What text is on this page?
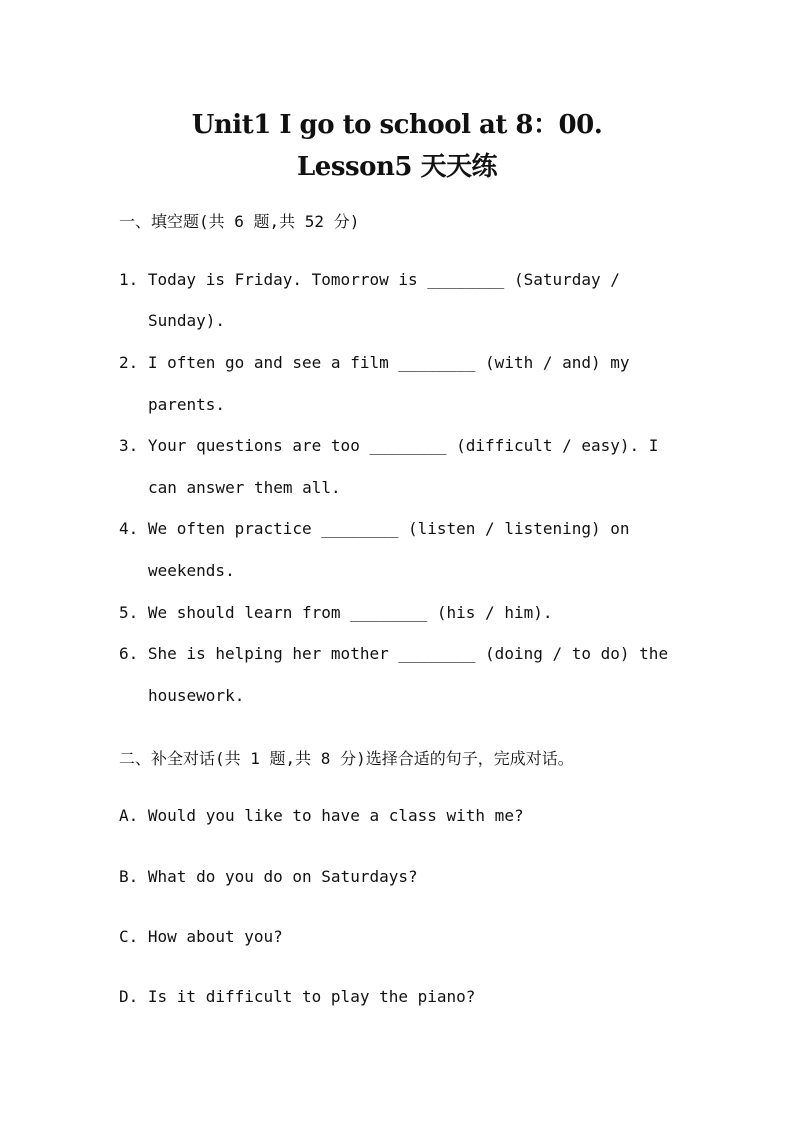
Unit1 I go to school at 8：00.
Lesson5 天天练
一、填空题(共 6 题,共 52 分)
1. Today is Friday. Tomorrow is ________ (Saturday /
Sunday).
2. I often go and see a film ________ (with / and) my
parents.
3. Your questions are too ________ (difficult / easy). I
can answer them all.
4. We often practice ________ (listen / listening) on
weekends.
5. We should learn from ________ (his / him).
6. She is helping her mother ________ (doing / to do) the
housework.
二、补全对话(共 1 题,共 8 分)选择合适的句子，完成对话。
A. Would you like to have a class with me?
B. What do you do on Saturdays?
C. How about you?
D. Is it difficult to play the piano?
